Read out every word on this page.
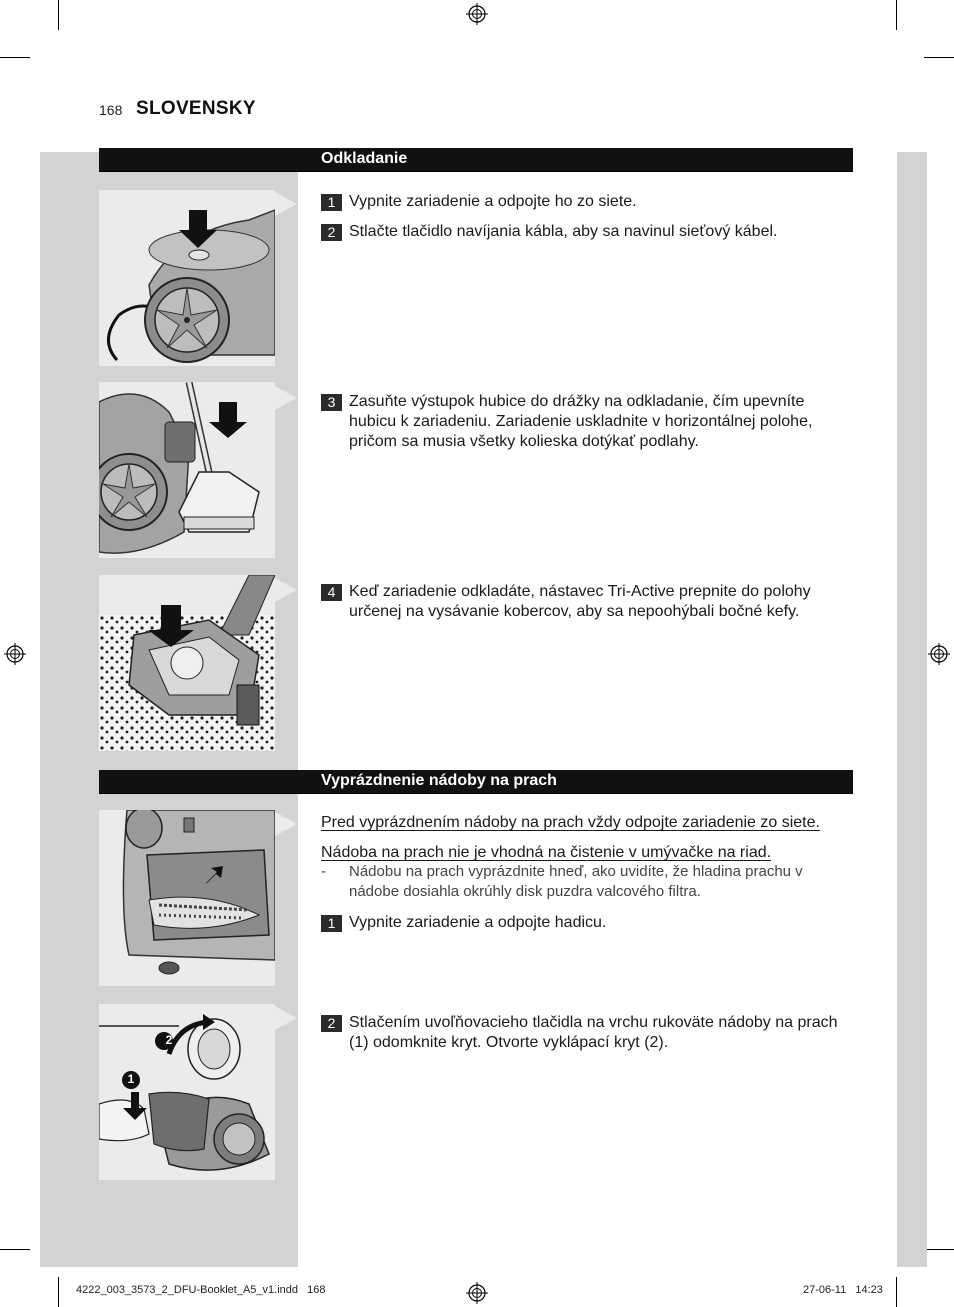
168 SLOVENSKY
Odkladanie
1 Vypnite zariadenie a odpojte ho zo siete.
2 Stlačte tlačidlo navíjania kábla, aby sa navinul sieťový kábel.
3 Zasuňte výstupok hubice do drážky na odkladanie, čím upevníte hubicu k zariadeniu. Zariadenie uskladnite v horizontálnej polohe, pričom sa musia všetky kolieska dotýkať podlahy.
4 Keď zariadenie odkladáte, nástavec Tri-Active prepnite do polohy určenej na vysávanie kobercov, aby sa nepoohýbali bočné kefy.
Vyprázdnenie nádoby na prach
2
1
Pred vyprázdnením nádoby na prach vždy odpojte zariadenie zo siete.
Nádoba na prach nie je vhodná na čistenie v umývačke na riad.
- Nádobu na prach vyprázdnite hneď, ako uvidíte, že hladina prachu v nádobe dosiahla okrúhly disk puzdra valcového filtra.
1 Vypnite zariadenie a odpojte hadicu.
2 Stlačením uvoľňovacieho tlačidla na vrchu rukoväte nádoby na prach (1) odomknite kryt. Otvorte vyklápací kryt (2).
4222_003_3573_2_DFU-Booklet_A5_v1.indd   168	27-06-11   14:23
